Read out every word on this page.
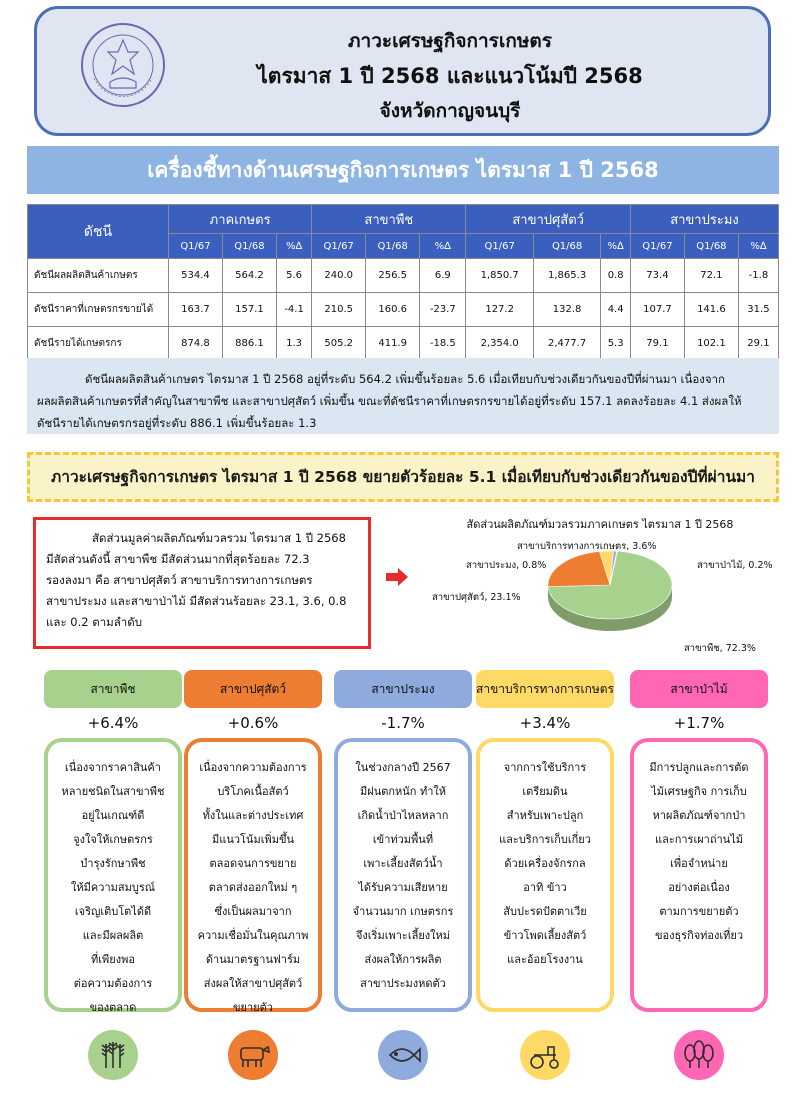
ภาวะเศรษฐกิจการเกษตร
ไตรมาส 1 ปี 2568 และแนวโน้มปี 2568
จังหวัดกาญจนบุรี
เครื่องชี้ทางด้านเศรษฐกิจการเกษตร ไตรมาส 1 ปี 2568
ดัชนี	ภาคเกษตร			สาขาพืช			สาขาปศุสัตว์			สาขาประมง		
	Q1/67	Q1/68	%∆	Q1/67	Q1/68	%∆	Q1/67	Q1/68	%∆	Q1/67	Q1/68	%∆
ดัชนีผลผลิตสินค้าเกษตร	534.4	564.2	5.6	240.0	256.5	6.9	1,850.7	1,865.3	0.8	73.4	72.1	-1.8
ดัชนีราคาที่เกษตรกรขายได้	163.7	157.1	-4.1	210.5	160.6	-23.7	127.2	132.8	4.4	107.7	141.6	31.5
ดัชนีรายได้เกษตรกร	874.8	886.1	1.3	505.2	411.9	-18.5	2,354.0	2,477.7	5.3	79.1	102.1	29.1
ดัชนีผลผลิตสินค้าเกษตร ไตรมาส 1 ปี 2568 อยู่ที่ระดับ 564.2 เพิ่มขึ้นร้อยละ 5.6 เมื่อเทียบกับช่วงเดียวกันของปีที่ผ่านมา เนื่องจาก
ผลผลิตสินค้าเกษตรที่สำคัญในสาขาพืช และสาขาปศุสัตว์ เพิ่มขึ้น ขณะที่ดัชนีราคาที่เกษตรกรขายได้อยู่ที่ระดับ 157.1 ลดลงร้อยละ 4.1 ส่งผลให้
ดัชนีรายได้เกษตรกรอยู่ที่ระดับ 886.1 เพิ่มขึ้นร้อยละ 1.3
ภาวะเศรษฐกิจการเกษตร ไตรมาส 1 ปี 2568 ขยายตัวร้อยละ 5.1 เมื่อเทียบกับช่วงเดียวกันของปีที่ผ่านมา
สัดส่วนมูลค่าผลิตภัณฑ์มวลรวม ไตรมาส 1 ปี 2568
มีสัดส่วนดังนี้ สาขาพืช มีสัดส่วนมากที่สุดร้อยละ 72.3
รองลงมา คือ สาขาปศุสัตว์ สาขาบริการทางการเกษตร
สาขาประมง และสาขาป่าไม้ มีสัดส่วนร้อยละ 23.1, 3.6, 0.8
และ 0.2 ตามลำดับ
สัดส่วนผลิตภัณฑ์มวลรวมภาคเกษตร ไตรมาส 1 ปี 2568
สาขาบริการทางการเกษตร, 3.6%
สาขาประมง, 0.8%	สาขาป่าไม้, 0.2%
สาขาปศุสัตว์, 23.1%
สาขาพืช, 72.3%
สาขาพืช
+6.4%
เนื่องจากราคาสินค้า
หลายชนิดในสาขาพืช
อยู่ในเกณฑ์ดี
จูงใจให้เกษตรกร
บำรุงรักษาพืช
ให้มีความสมบูรณ์
เจริญเติบโตได้ดี
และมีผลผลิต
ที่เพียงพอ
ต่อความต้องการ
ของตลาด
สาขาปศุสัตว์
+0.6%
เนื่องจากความต้องการ
บริโภคเนื้อสัตว์
ทั้งในและต่างประเทศ
มีแนวโน้มเพิ่มขึ้น
ตลอดจนการขยาย
ตลาดส่งออกใหม่ ๆ
ซึ่งเป็นผลมาจาก
ความเชื่อมั่นในคุณภาพ
ด้านมาตรฐานฟาร์ม
ส่งผลให้สาขาปศุสัตว์
ขยายตัว
สาขาประมง
-1.7%
ในช่วงกลางปี 2567
มีฝนตกหนัก ทำให้
เกิดน้ำป่าไหลหลาก
เข้าท่วมพื้นที่
เพาะเลี้ยงสัตว์น้ำ
ได้รับความเสียหาย
จำนวนมาก เกษตรกร
จึงเริ่มเพาะเลี้ยงใหม่
ส่งผลให้การผลิต
สาขาประมงหดตัว
สาขาบริการทางการเกษตร
+3.4%
จากการใช้บริการ
เตรียมดิน
สำหรับเพาะปลูก
และบริการเก็บเกี่ยว
ด้วยเครื่องจักรกล
อาทิ ข้าว
สับปะรดปัตตาเวีย
ข้าวโพดเลี้ยงสัตว์
และอ้อยโรงงาน
สาขาป่าไม้
+1.7%
มีการปลูกและการตัด
ไม้เศรษฐกิจ การเก็บ
หาผลิตภัณฑ์จากป่า
และการเผาถ่านไม้
เพื่อจำหน่าย
อย่างต่อเนื่อง
ตามการขยายตัว
ของธุรกิจท่องเที่ยว
